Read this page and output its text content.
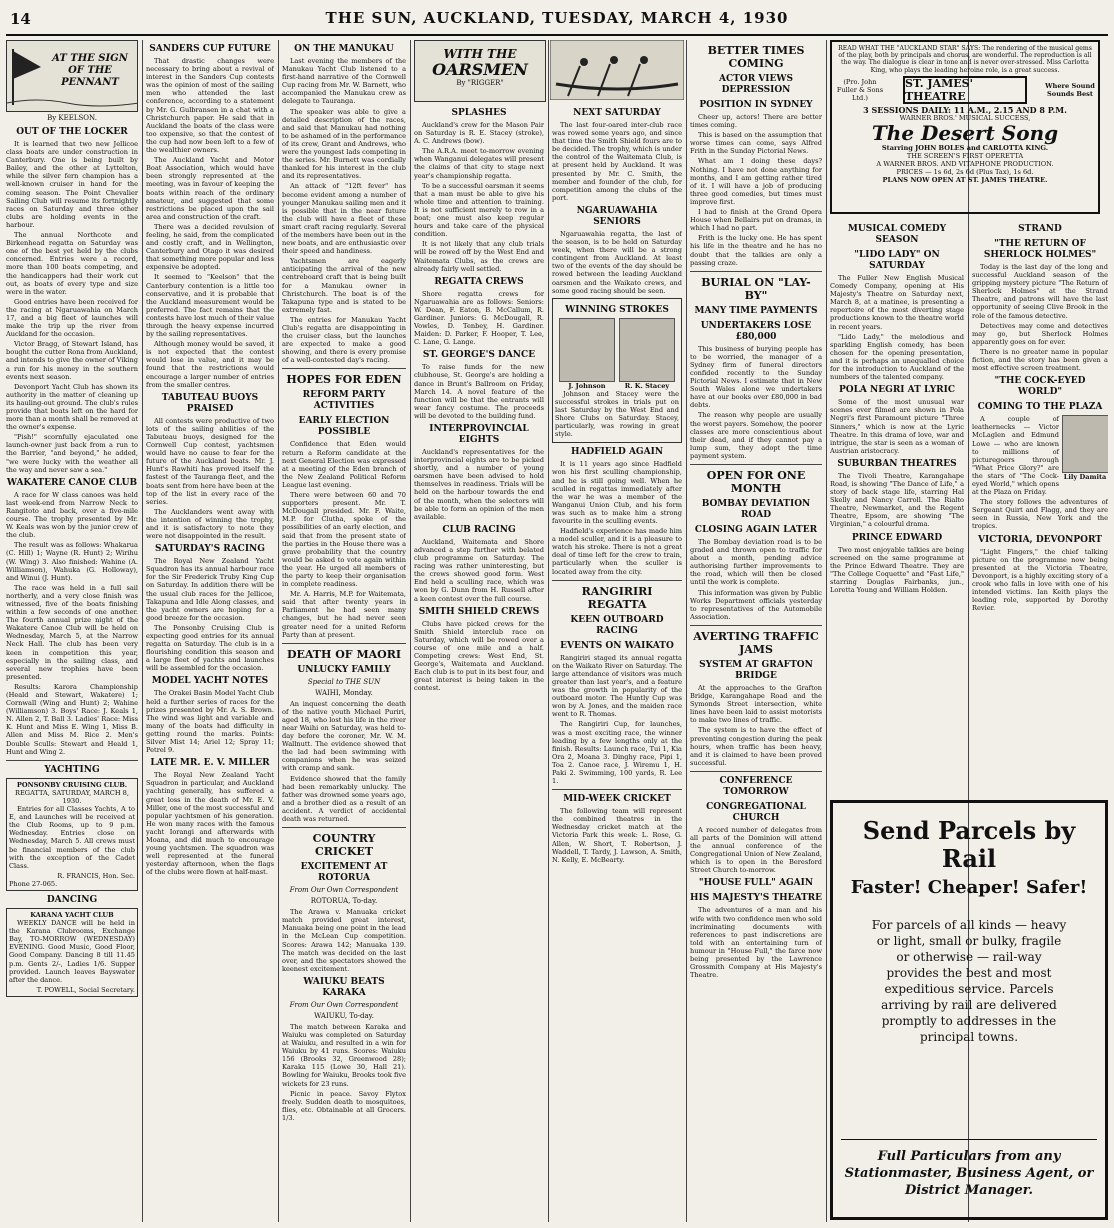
14	THE SUN, AUCKLAND, TUESDAY, MARCH 4, 1930
AT THE SIGN OF THE PENNANT
By KEELSON.
OUT OF THE LOCKER

It is learned that two new Jellicoe class boats are under construction in Canterbury. One is being built by Bailey, and the other at Lyttelton, while the silver fern champion has a well-known cruiser in hand for the coming season. The Point Chevalier Sailing Club will resume its fortnightly races on Saturday and three other clubs are holding events in the harbour.

The annual Northcote and Birkenhead regatta on Saturday was one of the best yet held by the clubs concerned. Entries were a record, more than 100 boats competing, and the handicappers had their work cut out, as boats of every type and size were in the water.

Good entries have been received for the racing at Ngaruawahia on March 17, and a big fleet of launches will make the trip up the river from Auckland for the occasion.

Victor Bragg, of Stewart Island, has bought the cutter Rona from Auckland, and intends to give the owner of Viking a run for his money in the southern events next season.

Devonport Yacht Club has shown its authority in the matter of cleaning up its hauling-out ground. The club's rules provide that boats left on the hard for more than a month shall be removed at the owner's expense.

"Pish!" scornfully ejaculated one launch-owner just back from a run to the Barrier, "and beyond," he added, "we were lucky with the weather all the way and never saw a sea."

WAKATERE CANOE CLUB

A race for W class canoes was held last week-end from Narrow Neck to Rangitoto and back, over a five-mile course. The trophy presented by Mr. W. Keals was won by the junior crew of the club.

The result was as follows: Whakarua (C. Hill) 1; Wayne (R. Hunt) 2; Wirihu (W. Wing) 3. Also finished: Wahine (A. Williamson), Wahuka (G. Holloway), and Winui (J. Hunt).

The race was held in a full sail northerly, and a very close finish was witnessed, five of the boats finishing within a few seconds of one another. The fourth annual prize night of the Wakatere Canoe Club will be held on Wednesday, March 5, at the Narrow Neck Hall. The club has been very keen in competition this year, especially in the sailing class, and several new trophies have been presented.

Results: Karora Championship (Heald and Stewart, Wakatere) 1; Cornwall (Wing and Hunt) 2; Wahine (Williamson) 3. Boys' Race: J. Keals 1, N. Allen 2, T. Ball 3. Ladies' Race: Miss K. Hunt and Miss E. Wing 1, Miss B. Allen and Miss M. Rice 2. Men's Double Sculls: Stewart and Heald 1, Hunt and Wing 2.

YACHTING
PONSONBY CRUISING CLUB.
REGATTA, SATURDAY, MARCH 8, 1930.

Entries for all Classes Yachts, A to E, and Launches will be received at the Club Rooms, up to 9 p.m. Wednesday. Entries close on Wednesday, March 5. All crews must be financial members of the club with the exception of the Cadet Class.

R. FRANCIS, Hon. Sec.
Phone 27-065.
DANCING
KARANA YACHT CLUB

WEEKLY DANCE will be held in the Karana Clubrooms, Exchange Bay, TO-MORROW (WEDNESDAY) EVENING. Good Music, Good Floor, Good Company. Dancing 8 till 11.45 p.m. Gents 2/-, Ladies 1/6. Supper provided. Launch leaves Bayswater after the dance.

T. POWELL, Social Secretary.
SANDERS CUP FUTURE

That drastic changes were necessary to bring about a revival of interest in the Sanders Cup contests was the opinion of most of the sailing men who attended the last conference, according to a statement by Mr. G. Gulbransen in a chat with a Christchurch paper. He said that in Auckland the boats of the class were too expensive, so that the contest of the cup had now been left to a few of the wealthier owners.

The Auckland Yacht and Motor Boat Association, which would have been strongly represented at the meeting, was in favour of keeping the boats within reach of the ordinary amateur, and suggested that some restrictions be placed upon the sail area and construction of the craft.

There was a decided revulsion of feeling, he said, from the complicated and costly craft, and in Wellington, Canterbury and Otago it was desired that something more popular and less expensive be adopted.

It seemed to "Keelson" that the Canterbury contention is a little too conservative, and it is probable that the Auckland measurement would be preferred. The fact remains that the contests have lost much of their value through the heavy expense incurred by the sailing representatives.

Although money would be saved, it is not expected that the contest would lose in value, and it may be found that the restrictions would encourage a larger number of entries from the smaller centres.

TABUTEAU BUOYS PRAISED

All contests were productive of two lots of the sailing abilities of the Tabuteau buoys, designed for the Cornwell Cup contest, yachtsmen would have no cause to fear for the future of the Auckland boats. Mr. J. Hunt's Rawhiti has proved itself the fastest of the Tauranga fleet, and the boats sent from here have been at the top of the list in every race of the series.

The Aucklanders went away with the intention of winning the trophy, and it is satisfactory to note they were not disappointed in the result.

SATURDAY'S RACING

The Royal New Zealand Yacht Squadron has its annual harbour race for the Sir Frederick Truby King Cup on Saturday. In addition there will be the usual club races for the Jellicoe, Takapuna and Idle Along classes, and the yacht owners are hoping for a good breeze for the occasion.

The Ponsonby Cruising Club is expecting good entries for its annual regatta on Saturday. The club is in a flourishing condition this season and a large fleet of yachts and launches will be assembled for the occasion.

MODEL YACHT NOTES

The Orakei Basin Model Yacht Club held a further series of races for the prizes presented by Mr. A. S. Brown. The wind was light and variable and many of the boats had difficulty in getting round the marks. Points: Silver Mist 14; Ariel 12; Spray 11; Petrel 9.

LATE MR. E. V. MILLER

The Royal New Zealand Yacht Squadron in particular, and Auckland yachting generally, has suffered a great loss in the death of Mr. E. V. Miller, one of the most successful and popular yachtsmen of his generation. He won many races with the famous yacht Iorangi and afterwards with Moana, and did much to encourage young yachtsmen. The squadron was well represented at the funeral yesterday afternoon, when the flags of the clubs were flown at half-mast.

ON THE MANUKAU

Last evening the members of the Manukau Yacht Club listened to a first-hand narrative of the Cornwell Cup racing from Mr. W. Barnett, who accompanied the Manukau crew as delegate to Tauranga.

The speaker was able to give a detailed description of the races, and said that Manukau had nothing to be ashamed of in the performance of its crew, Grant and Andrews, who were the youngest lads competing in the series. Mr. Burnett was cordially thanked for his interest in the club and its representatives.

An attack of "12ft fever" has become evident among a number of younger Manukau sailing men and it is possible that in the near future the club will have a fleet of these smart craft racing regularly. Several of the members have been out in the new boats, and are enthusiastic over their speed and handiness.

Yachtsmen are eagerly anticipating the arrival of the new centreboard craft that is being built for a Manukau owner in Christchurch. The boat is of the Takapuna type and is stated to be extremely fast.

The entries for Manukau Yacht Club's regatta are disappointing in the cruiser class, but the launches are expected to make a good showing, and there is every promise of a well-contested day's racing.

HOPES FOR EDEN
REFORM PARTY ACTIVITIES
EARLY ELECTION POSSIBLE

Confidence that Eden would return a Reform candidate at the next General Election was expressed at a meeting of the Eden branch of the New Zealand Political Reform League last evening.

There were between 60 and 70 supporters present. Mr. T. McDougall presided. Mr. F. Waite, M.P. for Clutha, spoke of the possibilities of an early election, and said that from the present state of the parties in the House there was a grave probability that the country would be asked to vote again within the year. He urged all members of the party to keep their organisation in complete readiness.

Mr. A. Harris, M.P. for Waitemata, said that after twenty years in Parliament he had seen many changes, but he had never seen greater need for a united Reform Party than at present.

DEATH OF MAORI
UNLUCKY FAMILY
Special to THE SUN
WAIHI, Monday.

An inquest concerning the death of the native youth Michael Puriri, aged 18, who lost his life in the river near Waihi on Saturday, was held to-day before the coroner, Mr. W. M. Wallnutt. The evidence showed that the lad had been swimming with companions when he was seized with cramp and sank.

Evidence showed that the family had been remarkably unlucky. The father was drowned some years ago, and a brother died as a result of an accident. A verdict of accidental death was returned.

COUNTRY CRICKET
EXCITEMENT AT ROTORUA
From Our Own Correspondent
ROTORUA, To-day.

The Arawa v. Manuaka cricket match provided great interest, Manuaka being one point in the lead in the McLean Cup competition. Scores: Arawa 142; Manuaka 139. The match was decided on the last over, and the spectators showed the keenest excitement.

WAIUKU BEATS KARAKA
From Our Own Correspondent
WAIUKU, To-day.

The match between Karaka and Waiuku was completed on Saturday at Waiuku, and resulted in a win for Waiuku by 41 runs. Scores: Waiuku 156 (Brooks 32, Greenwood 28); Karaka 115 (Lowe 30, Hall 21). Bowling for Waiuku, Brooks took five wickets for 23 runs.

Picnic in peace. Savoy Flytox freely. Sudden death to mosquitoes, flies, etc. Obtainable at all Grocers. 1/3.

WITH THE
OARSMEN
By "RIGGER"
SPLASHES

Auckland's crew for the Mason Pair on Saturday is R. E. Stacey (stroke), A. C. Andrews (bow).

The A.R.A. meet to-morrow evening when Wanganui delegates will present the claims of that city to stage next year's championship regatta.

To be a successful oarsman it seems that a man must be able to give his whole time and attention to training. It is not sufficient merely to row in a boat; one must also keep regular hours and take care of the physical condition.

It is not likely that any club trials will be rowed off by the West End and Waitemata Clubs, as the crews are already fairly well settled.

REGATTA CREWS

Shore regatta crews for Ngaruawahia are as follows: Seniors: W. Dean, F. Eaton, B. McCallum, R. Gardiner. Juniors: G. McDougall, R. Vowles, D. Tenbey, H. Gardiner. Maiden: D. Parker, F. Hooper, T. Lee, C. Lane, G. Lange.

ST. GEORGE'S DANCE

To raise funds for the new clubhouse, St. George's are holding a dance in Brunt's Ballroom on Friday, March 14. A novel feature of the function will be that the entrants will wear fancy costume. The proceeds will be devoted to the building fund.

INTERPROVINCIAL EIGHTS

Auckland's representatives for the interprovincial eights are to be picked shortly, and a number of young oarsmen have been advised to hold themselves in readiness. Trials will be held on the harbour towards the end of the month, when the selectors will be able to form an opinion of the men available.

CLUB RACING

Auckland, Waitemata and Shore advanced a step further with belated club programme on Saturday. The racing was rather uninteresting, but the crews showed good form. West End held a sculling race, which was won by G. Dunn from H. Russell after a keen contest over the full course.

SMITH SHIELD CREWS

Clubs have picked crews for the Smith Shield interclub race on Saturday, which will be rowed over a course of one mile and a half. Competing crews: West End, St. George's, Waitemata and Auckland. Each club is to put in its best four, and great interest is being taken in the contest.

NEXT SATURDAY

The last four-oared inter-club race was rowed some years ago, and since that time the Smith Shield fours are to be decided. The trophy, which is under the control of the Waitemata Club, is at present held by Auckland. It was presented by Mr. C. Smith, the member and founder of the club, for competition among the clubs of the port.

NGARUAWAHIA SENIORS

Ngaruawahia regatta, the last of the season, is to be held on Saturday week, when there will be a strong contingent from Auckland. At least two of the events of the day should be rowed between the leading Auckland oarsmen and the Waikato crews, and some good racing should be seen.

WINNING STROKES
J. Johnson	R. K. Stacey

Johnson and Stacey were the successful strokes in trials put on last Saturday by the West End and Shore Clubs on Saturday. Stacey, particularly, was rowing in great style.

HADFIELD AGAIN

It is 11 years ago since Hadfield won his first sculling championship, and he is still going well. When he sculled in regattas immediately after the war he was a member of the Wanganui Union Club, and his form was such as to make him a strong favourite in the sculling events.

Hadfield's experience has made him a model sculler, and it is a pleasure to watch his stroke. There is not a great deal of time left for the crew to train, particularly when the sculler is located away from the city.

RANGIRIRI REGATTA
KEEN OUTBOARD RACING
EVENTS ON WAIKATO

Rangiriri staged its annual regatta on the Waikato River on Saturday. The large attendance of visitors was much greater than last year's, and a feature was the growth in popularity of the outboard motor. The Huntly Cup was won by A. Jones, and the maiden race went to R. Thomas.

The Rangiriri Cup, for launches, was a most exciting race, the winner leading by a few lengths only at the finish. Results: Launch race, Tui 1, Kia Ora 2, Moana 3. Dinghy race, Pipi 1, Toa 2. Canoe race, J. Wiremu 1, H. Paki 2. Swimming, 100 yards, R. Lee 1.

MID-WEEK CRICKET

The following team will represent the combined theatres in the Wednesday cricket match at the Victoria Park this week: L. Rose, G. Allen, W. Short, T. Robertson, J. Waddell, T. Tardy, J. Lawson, A. Smith, N. Kelly, E. McBearty.

BETTER TIMES COMING
ACTOR VIEWS DEPRESSION
POSITION IN SYDNEY

Cheer up, actors! There are better times coming.

This is based on the assumption that worse times can come, says Alfred Frith in the Sunday Pictorial News.

What am I doing these days? Nothing. I have not done anything for months, and I am getting rather tired of it. I will have a job of producing three good comedies, but times must improve first.

I had to finish at the Grand Opera House when Bellairs put on dramas, in which I had no part.

Frith is the lucky one. He has spent his life in the theatre and he has no doubt that the talkies are only a passing craze.

BURIAL ON "LAY-BY"
MANY TIME PAYMENTS
UNDERTAKERS LOSE £80,000

This business of burying people has to be worried, the manager of a Sydney firm of funeral directors confided recently to the Sunday Pictorial News. I estimate that in New South Wales alone we undertakers have at our books over £80,000 in bad debts.

The reason why people are usually the worst payers. Somehow, the poorer classes are more conscientious about their dead, and if they cannot pay a lump sum, they adopt the time payment system.

OPEN FOR ONE MONTH
BOMBAY DEVIATION ROAD
CLOSING AGAIN LATER

The Bombay deviation road is to be graded and thrown open to traffic for about a month, pending advice authorising further improvements to the road, which will then be closed until the work is complete.

This information was given by Public Works Department officials yesterday to representatives of the Automobile Association.

AVERTING TRAFFIC JAMS
SYSTEM AT GRAFTON BRIDGE

At the approaches to the Grafton Bridge, Karangahape Road and the Symonds Street intersection, white lines have been laid to assist motorists to make two lines of traffic.

The system is to have the effect of preventing congestion during the peak hours, when traffic has been heavy, and it is claimed to have been proved successful.

CONFERENCE TOMORROW
CONGREGATIONAL CHURCH

A record number of delegates from all parts of the Dominion will attend the annual conference of the Congregational Union of New Zealand, which is to open in the Beresford Street Church to-morrow.

"HOUSE FULL" AGAIN
HIS MAJESTY'S THEATRE

The adventures of a man and his wife with two confidence men who sold incriminating documents with references to past indiscretions are told with an entertaining turn of humour in "House Full," the farce now being presented by the Lawrence Grossmith Company at His Majesty's Theatre.

READ WHAT THE "AUCKLAND STAR" SAYS: The rendering of the musical gems of the play, both by principals and chorus, are wonderful. The reproduction is all the way. The dialogue is clear in tone and is never over-stressed. Miss Carlotta King, who plays the leading heroine role, is a great success.
(Pro. John Fuller & Sons Ltd.)
ST. JAMES' THEATRE
Where Sound Sounds Best
3 SESSIONS DAILY: 11 A.M., 2.15 AND 8 P.M.
WARNER BROS.' MUSICAL SUCCESS,
The Desert Song
Starring JOHN BOLES and CARLOTTA KING.
THE SCREEN'S FIRST OPERETTA
A WARNER BROS. AND VITAPHONE PRODUCTION.
PRICES — 1s 6d, 2s 6d (Plus Tax), 1s 6d.
PLANS NOW OPEN AT ST. JAMES THEATRE.
MUSICAL COMEDY SEASON
"LIDO LADY" ON SATURDAY

The Fuller New English Musical Comedy Company, opening at His Majesty's Theatre on Saturday next, March 8, at a matinee, is presenting a repertoire of the most diverting stage productions known to the theatre world in recent years.

"Lido Lady," the melodious and sparkling English comedy, has been chosen for the opening presentation, and it is perhaps an unequalled choice for the introduction to Auckland of the numbers of the talented company.

POLA NEGRI AT LYRIC

Some of the most unusual war scenes ever filmed are shown in Pola Negri's first Paramount picture "Three Sinners," which is now at the Lyric Theatre. In this drama of love, war and intrigue, the star is seen as a woman of Austrian aristocracy.

SUBURBAN THEATRES

The Tivoli Theatre, Karangahape Road, is showing "The Dance of Life," a story of back stage life, starring Hal Skelly and Nancy Carroll. The Rialto Theatre, Newmarket, and the Regent Theatre, Epsom, are showing "The Virginian," a colourful drama.

PRINCE EDWARD

Two most enjoyable talkies are being screened on the same programme at the Prince Edward Theatre. They are "The College Coquette" and "Fast Life," starring Douglas Fairbanks, jun., Loretta Young and William Holden.

STRAND
"THE RETURN OF SHERLOCK HOLMES"

Today is the last day of the long and successful Auckland season of the gripping mystery picture "The Return of Sherlock Holmes" at the Strand Theatre, and patrons will have the last opportunity of seeing Clive Brook in the role of the famous detective.

Detectives may come and detectives may go, but Sherlock Holmes apparently goes on for ever.

There is no greater name in popular fiction, and the story has been given a most effective screen treatment.

"THE COCK-EYED WORLD"
COMING TO THE PLAZA
Lily Damita

A couple of leathernecks — Victor McLaglen and Edmund Lowe — who are known to millions of picturegoers through "What Price Glory?" are the stars of "The Cock-eyed World," which opens at the Plaza on Friday.

The story follows the adventures of Sergeant Quirt and Flagg, and they are seen in Russia, New York and the tropics.

VICTORIA, DEVONPORT

"Light Fingers," the chief talking picture on the programme now being presented at the Victoria Theatre, Devonport, is a highly exciting story of a crook who falls in love with one of his intended victims. Ian Keith plays the leading role, supported by Dorothy Revier.

Send Parcels by Rail
Faster! Cheaper! Safer!
For parcels of all kinds — heavy or light, small or bulky, fragile or otherwise — rail-way provides the best and most expeditious service. Parcels arriving by rail are delivered promptly to addresses in the principal towns.
Full Particulars from any Stationmaster, Business Agent, or District Manager.
